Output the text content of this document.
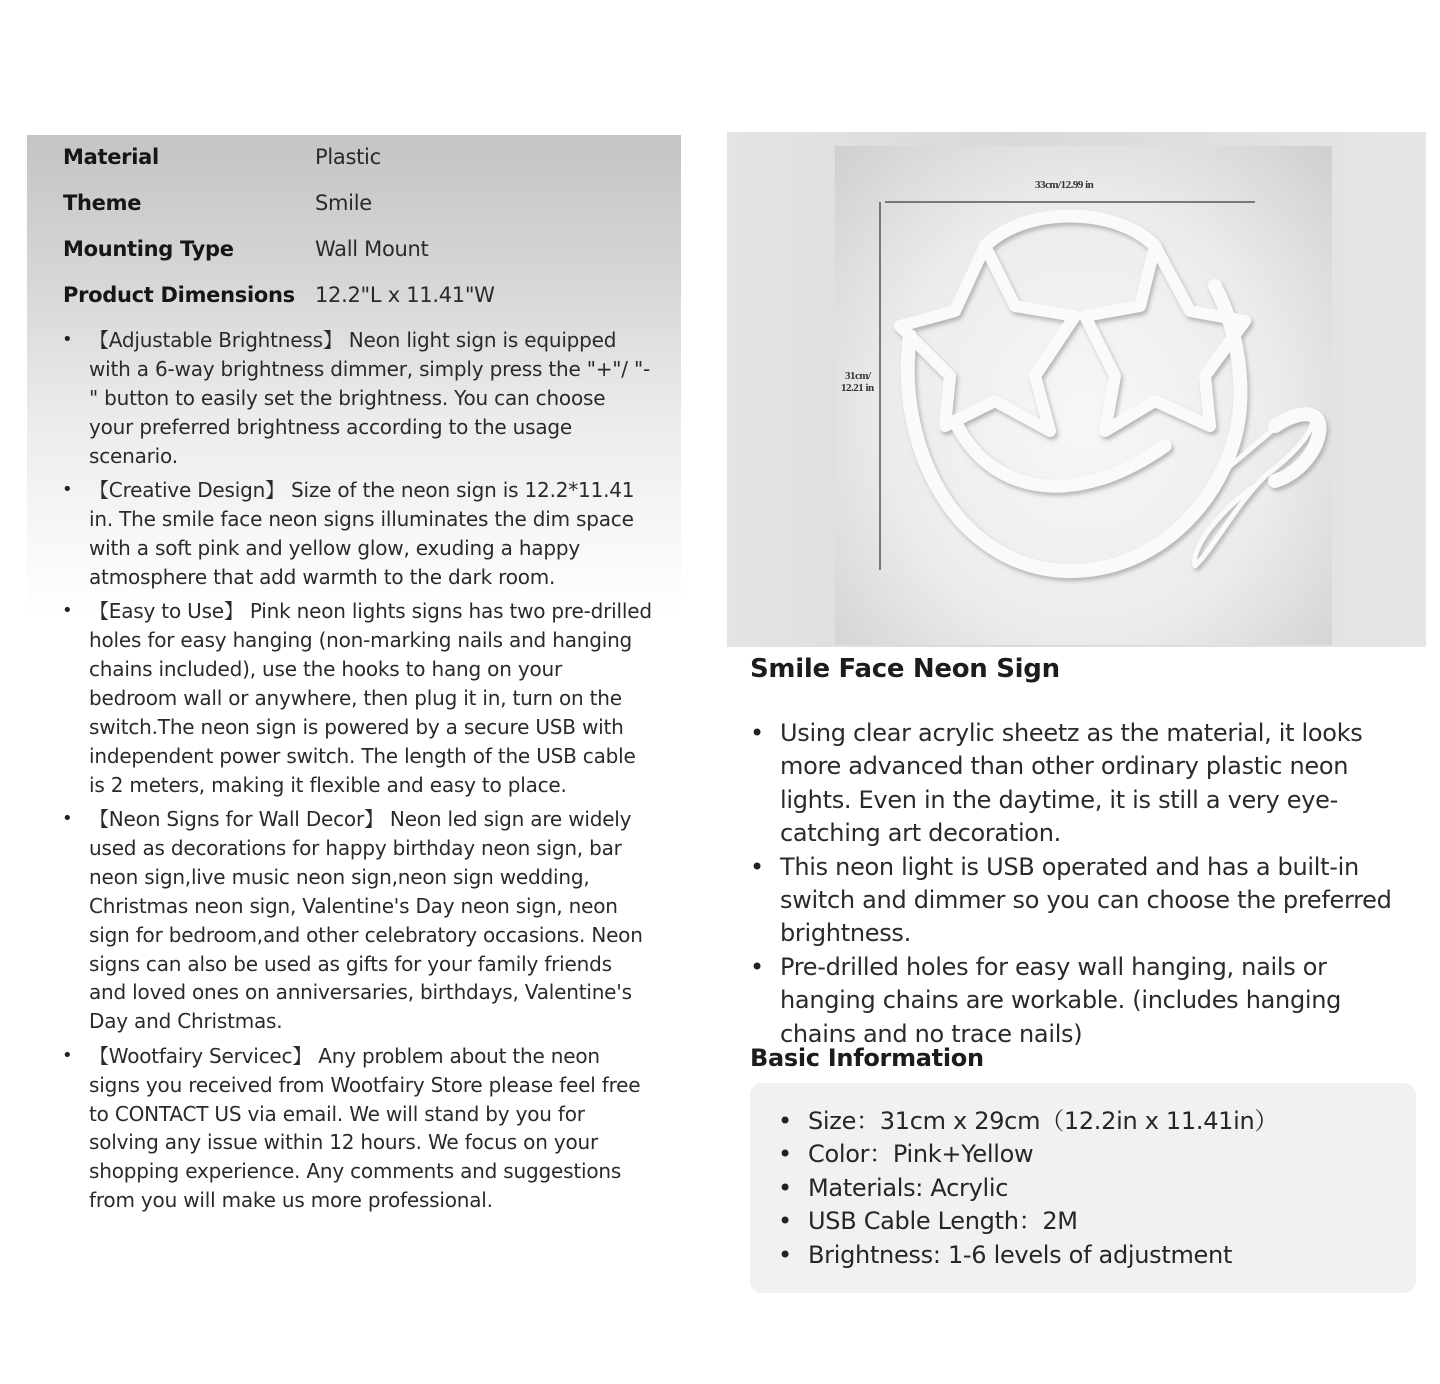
Material	Plastic
Theme	Smile
Mounting Type	Wall Mount
Product Dimensions 12.2"L x 11.41"W
• 【Adjustable Brightness】 Neon light sign is equipped with a 6-way brightness dimmer, simply press the "+"/ "-" button to easily set the brightness. You can choose your preferred brightness according to the usage scenario.
• 【Creative Design】 Size of the neon sign is 12.2*11.41 in. The smile face neon signs illuminates the dim space with a soft pink and yellow glow, exuding a happy atmosphere that add warmth to the dark room.
• 【Easy to Use】 Pink neon lights signs has two pre-drilled holes for easy hanging (non-marking nails and hanging chains included), use the hooks to hang on your bedroom wall or anywhere, then plug it in, turn on the switch.The neon sign is powered by a secure USB with independent power switch. The length of the USB cable is 2 meters, making it flexible and easy to place.
• 【Neon Signs for Wall Decor】 Neon led sign are widely used as decorations for happy birthday neon sign, bar neon sign,live music neon sign,neon sign wedding, Christmas neon sign, Valentine's Day neon sign, neon sign for bedroom,and other celebratory occasions. Neon signs can also be used as gifts for your family friends and loved ones on anniversaries, birthdays, Valentine's Day and Christmas.
• 【Wootfairy Servicec】 Any problem about the neon signs you received from Wootfairy Store please feel free to CONTACT US via email. We will stand by you for solving any issue within 12 hours. We focus on your shopping experience. Any comments and suggestions from you will make us more professional.
33cm/12.99 in
31cm/
12.21 in
Smile Face Neon Sign
• Using clear acrylic sheetz as the material, it looks more advanced than other ordinary plastic neon lights. Even in the daytime, it is still a very eye-catching art decoration.
• This neon light is USB operated and has a built-in switch and dimmer so you can choose the preferred brightness.
• Pre-drilled holes for easy wall hanging, nails or hanging chains are workable. (includes hanging chains and no trace nails)
Basic Information
• Size：31cm x 29cm（12.2in x 11.41in）
• Color：Pink+Yellow
• Materials: Acrylic
• USB Cable Length：2M
• Brightness: 1-6 levels of adjustment
